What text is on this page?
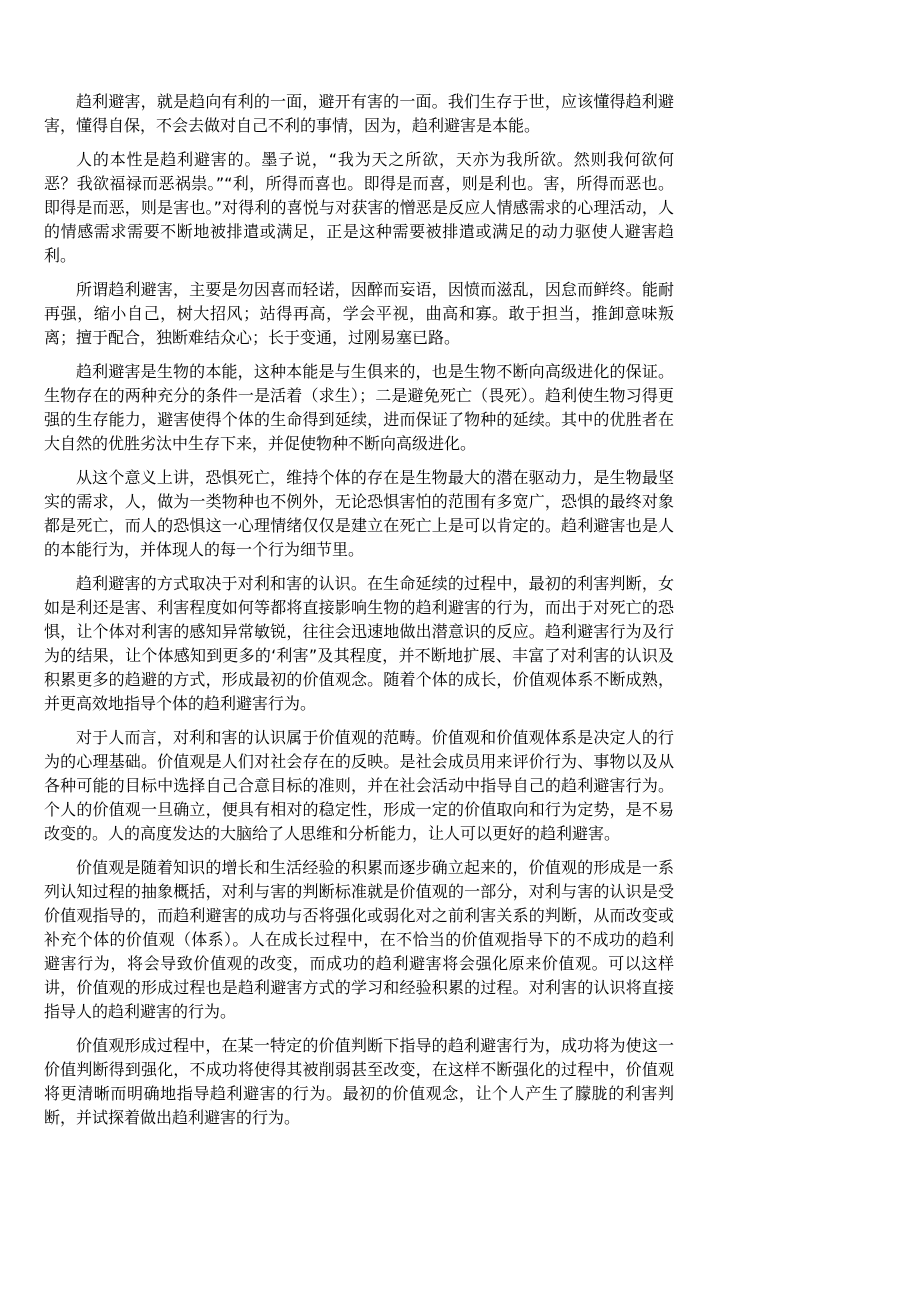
趋利避害，就是趋向有利的一面，避开有害的一面。我们生存于世，应该懂得趋利避害，懂得自保，不会去做对自己不利的事情，因为，趋利避害是本能。

人的本性是趋利避害的。墨子说，“我为天之所欲，天亦为我所欲。然则我何欲何恶？我欲福禄而恶祸祟。”“利，所得而喜也。即得是而喜，则是利也。害，所得而恶也。即得是而恶，则是害也。”对得利的喜悦与对获害的憎恶是反应人情感需求的心理活动，人的情感需求需要不断地被排遣或满足，正是这种需要被排遣或满足的动力驱使人避害趋利。

所谓趋利避害，主要是勿因喜而轻诺，因醉而妄语，因愤而滋乱，因怠而鲜终。能耐再强，缩小自己，树大招风；站得再高，学会平视，曲高和寡。敢于担当，推卸意味叛离；擅于配合，独断难结众心；长于变通，过刚易塞已路。

趋利避害是生物的本能，这种本能是与生俱来的，也是生物不断向高级进化的保证。生物存在的两种充分的条件一是活着（求生）；二是避免死亡（畏死）。趋利使生物习得更强的生存能力，避害使得个体的生命得到延续，进而保证了物种的延续。其中的优胜者在大自然的优胜劣汰中生存下来，并促使物种不断向高级进化。

从这个意义上讲，恐惧死亡，维持个体的存在是生物最大的潜在驱动力，是生物最坚实的需求，人，做为一类物种也不例外，无论恐惧害怕的范围有多宽广，恐惧的最终对象都是死亡，而人的恐惧这一心理情绪仅仅是建立在死亡上是可以肯定的。趋利避害也是人的本能行为，并体现人的每一个行为细节里。

趋利避害的方式取决于对利和害的认识。在生命延续的过程中，最初的利害判断，女如是利还是害、利害程度如何等都将直接影响生物的趋利避害的行为，而出于对死亡的恐惧，让个体对利害的感知异常敏锐，往往会迅速地做出潜意识的反应。趋利避害行为及行为的结果，让个体感知到更多的‘利害”及其程度，并不断地扩展、丰富了对利害的认识及积累更多的趋避的方式，形成最初的价值观念。随着个体的成长，价值观体系不断成熟，并更高效地指导个体的趋利避害行为。

对于人而言，对利和害的认识属于价值观的范畴。价值观和价值观体系是决定人的行为的心理基础。价值观是人们对社会存在的反映。是社会成员用来评价行为、事物以及从各种可能的目标中选择自己合意目标的准则，并在社会活动中指导自己的趋利避害行为。个人的价值观一旦确立，便具有相对的稳定性，形成一定的价值取向和行为定势，是不易改变的。人的高度发达的大脑给了人思维和分析能力，让人可以更好的趋利避害。

价值观是随着知识的增长和生活经验的积累而逐步确立起来的，价值观的形成是一系列认知过程的抽象概括，对利与害的判断标准就是价值观的一部分，对利与害的认识是受价值观指导的，而趋利避害的成功与否将强化或弱化对之前利害关系的判断，从而改变或补充个体的价值观（体系）。人在成长过程中，在不恰当的价值观指导下的不成功的趋利避害行为，将会导致价值观的改变，而成功的趋利避害将会强化原来价值观。可以这样讲，价值观的形成过程也是趋利避害方式的学习和经验积累的过程。对利害的认识将直接指导人的趋利避害的行为。

价值观形成过程中，在某一特定的价值判断下指导的趋利避害行为，成功将为使这一价值判断得到强化，不成功将使得其被削弱甚至改变，在这样不断强化的过程中，价值观将更清晰而明确地指导趋利避害的行为。最初的价值观念，让个人产生了朦胧的利害判断，并试探着做出趋利避害的行为。
